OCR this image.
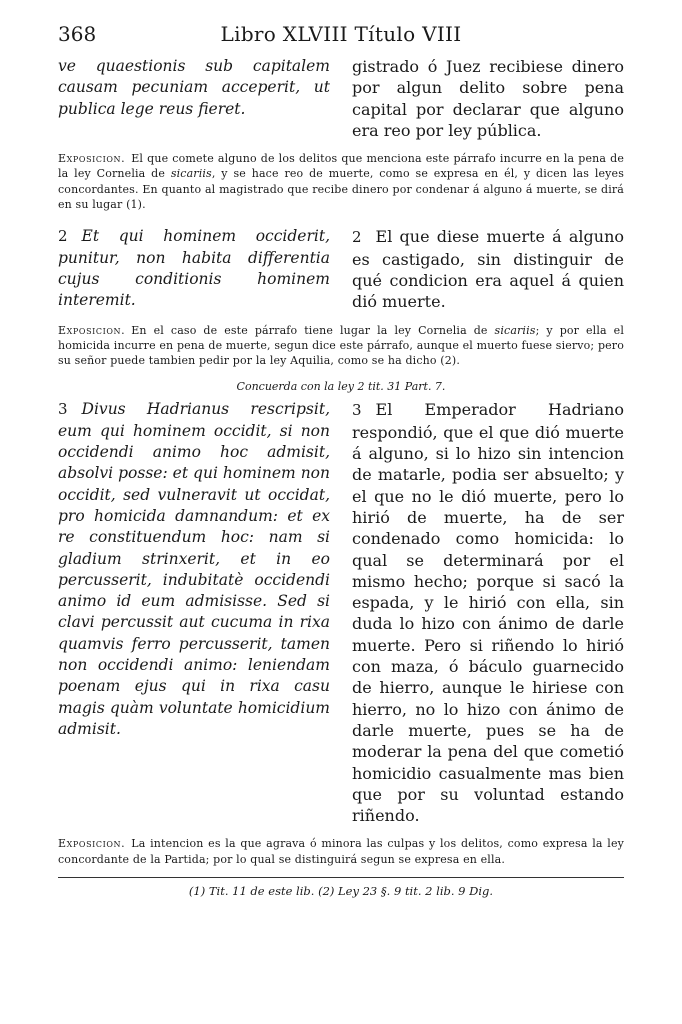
368	Libro XLVIII Título VIII
ve quaestionis sub capitalem causam pecuniam acceperit, ut publica lege reus fieret.
gistrado ó Juez recibiese dinero por algun delito sobre pena capital por declarar que alguno era reo por ley pública.

Exposicion. El que comete alguno de los delitos que menciona este párrafo incurre en la pena de la ley Cornelia de sicariis, y se hace reo de muerte, como se expresa en él, y dicen las leyes concordantes. En quanto al magistrado que recibe dinero por condenar á alguno á muerte, se dirá en su lugar (1).

2 Et qui hominem occiderit, punitur, non habita differentia cujus conditionis hominem interemit.
2 El que diese muerte á alguno es castigado, sin distinguir de qué condicion era aquel á quien dió muerte.

Exposicion. En el caso de este párrafo tiene lugar la ley Cornelia de sicariis; y por ella el homicida incurre en pena de muerte, segun dice este párrafo, aunque el muerto fuese siervo; pero su señor puede tambien pedir por la ley Aquilia, como se ha dicho (2).

Concuerda con la ley 2 tit. 31 Part. 7.
3 Divus Hadrianus rescripsit, eum qui hominem occidit, si non occidendi animo hoc admisit, absolvi posse: et qui hominem non occidit, sed vulneravit ut occidat, pro homicida damnandum: et ex re constituendum hoc: nam si gladium strinxerit, et in eo percusserit, indubitatè occidendi animo id eum admisisse. Sed si clavi percussit aut cucuma in rixa quamvis ferro percusserit, tamen non occidendi animo: leniendam poenam ejus qui in rixa casu magis quàm voluntate homicidium admisit.
3 El Emperador Hadriano respondió, que el que dió muerte á alguno, si lo hizo sin intencion de matarle, podia ser absuelto; y el que no le dió muerte, pero lo hirió de muerte, ha de ser condenado como homicida: lo qual se determinará por el mismo hecho; porque si sacó la espada, y le hirió con ella, sin duda lo hizo con ánimo de darle muerte. Pero si riñendo lo hirió con maza, ó báculo guarnecido de hierro, aunque le hiriese con hierro, no lo hizo con ánimo de darle muerte, pues se ha de moderar la pena del que cometió homicidio casualmente mas bien que por su voluntad estando riñendo.

Exposicion. La intencion es la que agrava ó minora las culpas y los delitos, como expresa la ley concordante de la Partida; por lo qual se distinguirá segun se expresa en ella.

(1) Tit. 11 de este lib. (2) Ley 23 §. 9 tit. 2 lib. 9 Dig.
